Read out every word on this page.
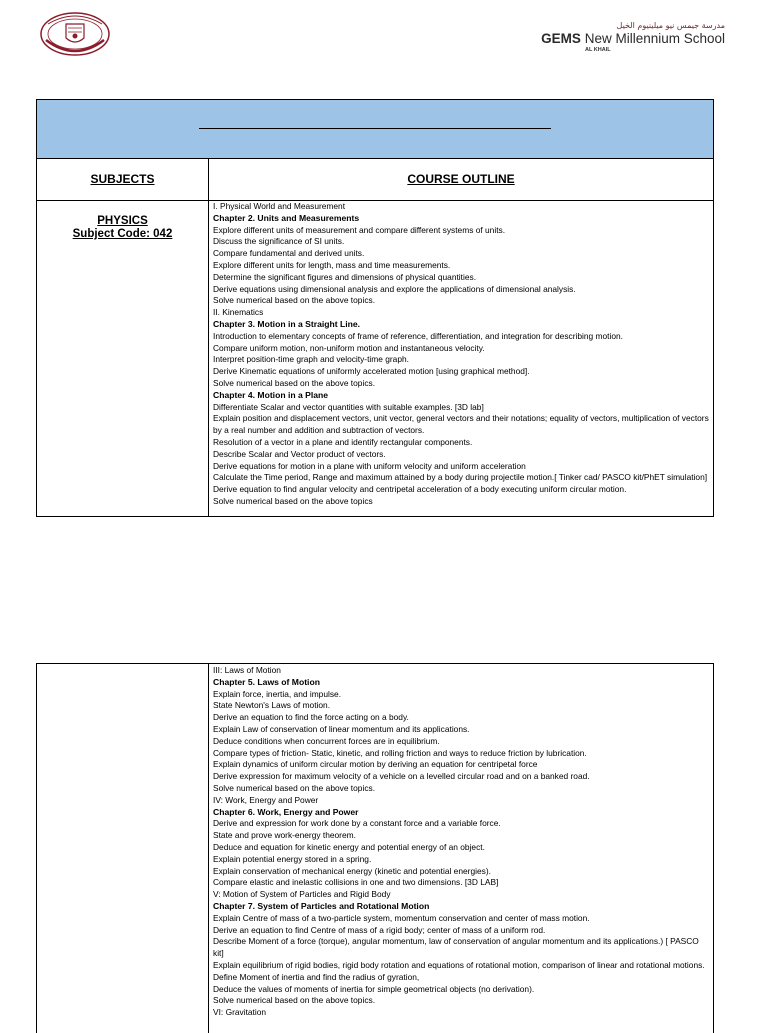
مدرسة جيمس نيو ميلينيوم الخيل
GEMS New Millennium School
AL KHAIL
SUBJECTS	COURSE OUTLINE
PHYSICS
Subject Code: 042
I. Physical World and Measurement
Chapter 2. Units and Measurements
Explore different units of measurement and compare different systems of units.
Discuss the significance of SI units.
Compare fundamental and derived units.
Explore different units for length, mass and time measurements.
Determine the significant figures and dimensions of physical quantities.
Derive equations using dimensional analysis and explore the applications of dimensional analysis.
Solve numerical based on the above topics.
II. Kinematics
Chapter 3. Motion in a Straight Line.
Introduction to elementary concepts of frame of reference, differentiation, and integration for describing motion.
Compare uniform motion, non-uniform motion and instantaneous velocity.
Interpret position-time graph and velocity-time graph.
Derive Kinematic equations of uniformly accelerated motion [using graphical method].
Solve numerical based on the above topics.
Chapter 4. Motion in a Plane
Differentiate Scalar and vector quantities with suitable examples. [3D lab]
Explain position and displacement vectors, unit vector, general vectors and their notations; equality of vectors, multiplication of vectors by a real number and addition and subtraction of vectors.
Resolution of a vector in a plane and identify rectangular components.
Describe Scalar and Vector product of vectors.
Derive equations for motion in a plane with uniform velocity and uniform acceleration
Calculate the Time period, Range and maximum attained by a body during projectile motion.[ Tinker cad/ PASCO kit/PhET simulation]
Derive equation to find angular velocity and centripetal acceleration of a body executing uniform circular motion.
Solve numerical based on the above topics
III: Laws of Motion
Chapter 5. Laws of Motion
Explain force, inertia, and impulse.
State Newton's Laws of motion.
Derive an equation to find the force acting on a body.
Explain Law of conservation of linear momentum and its applications.
Deduce conditions when concurrent forces are in equilibrium.
Compare types of friction- Static, kinetic, and rolling friction and ways to reduce friction by lubrication.
Explain dynamics of uniform circular motion by deriving an equation for centripetal force
Derive expression for maximum velocity of a vehicle on a levelled circular road and on a banked road.
Solve numerical based on the above topics.
IV: Work, Energy and Power
Chapter 6. Work, Energy and Power
Derive and expression for work done by a constant force and a variable force.
State and prove work-energy theorem.
Deduce and equation for kinetic energy and potential energy of an object.
Explain potential energy stored in a spring.
Explain conservation of mechanical energy (kinetic and potential energies).
Compare elastic and inelastic collisions in one and two dimensions. [3D LAB]
V: Motion of System of Particles and Rigid Body
Chapter 7. System of Particles and Rotational Motion
Explain Centre of mass of a two-particle system, momentum conservation and center of mass motion.
Derive an equation to find Centre of mass of a rigid body; center of mass of a uniform rod.
Describe Moment of a force (torque), angular momentum, law of conservation of angular momentum and its applications.) [ PASCO kit]
Explain equilibrium of rigid bodies, rigid body rotation and equations of rotational motion, comparison of linear and rotational motions.
Define Moment of inertia and find the radius of gyration,
Deduce the values of moments of inertia for simple geometrical objects (no derivation).
Solve numerical based on the above topics.
VI: Gravitation
